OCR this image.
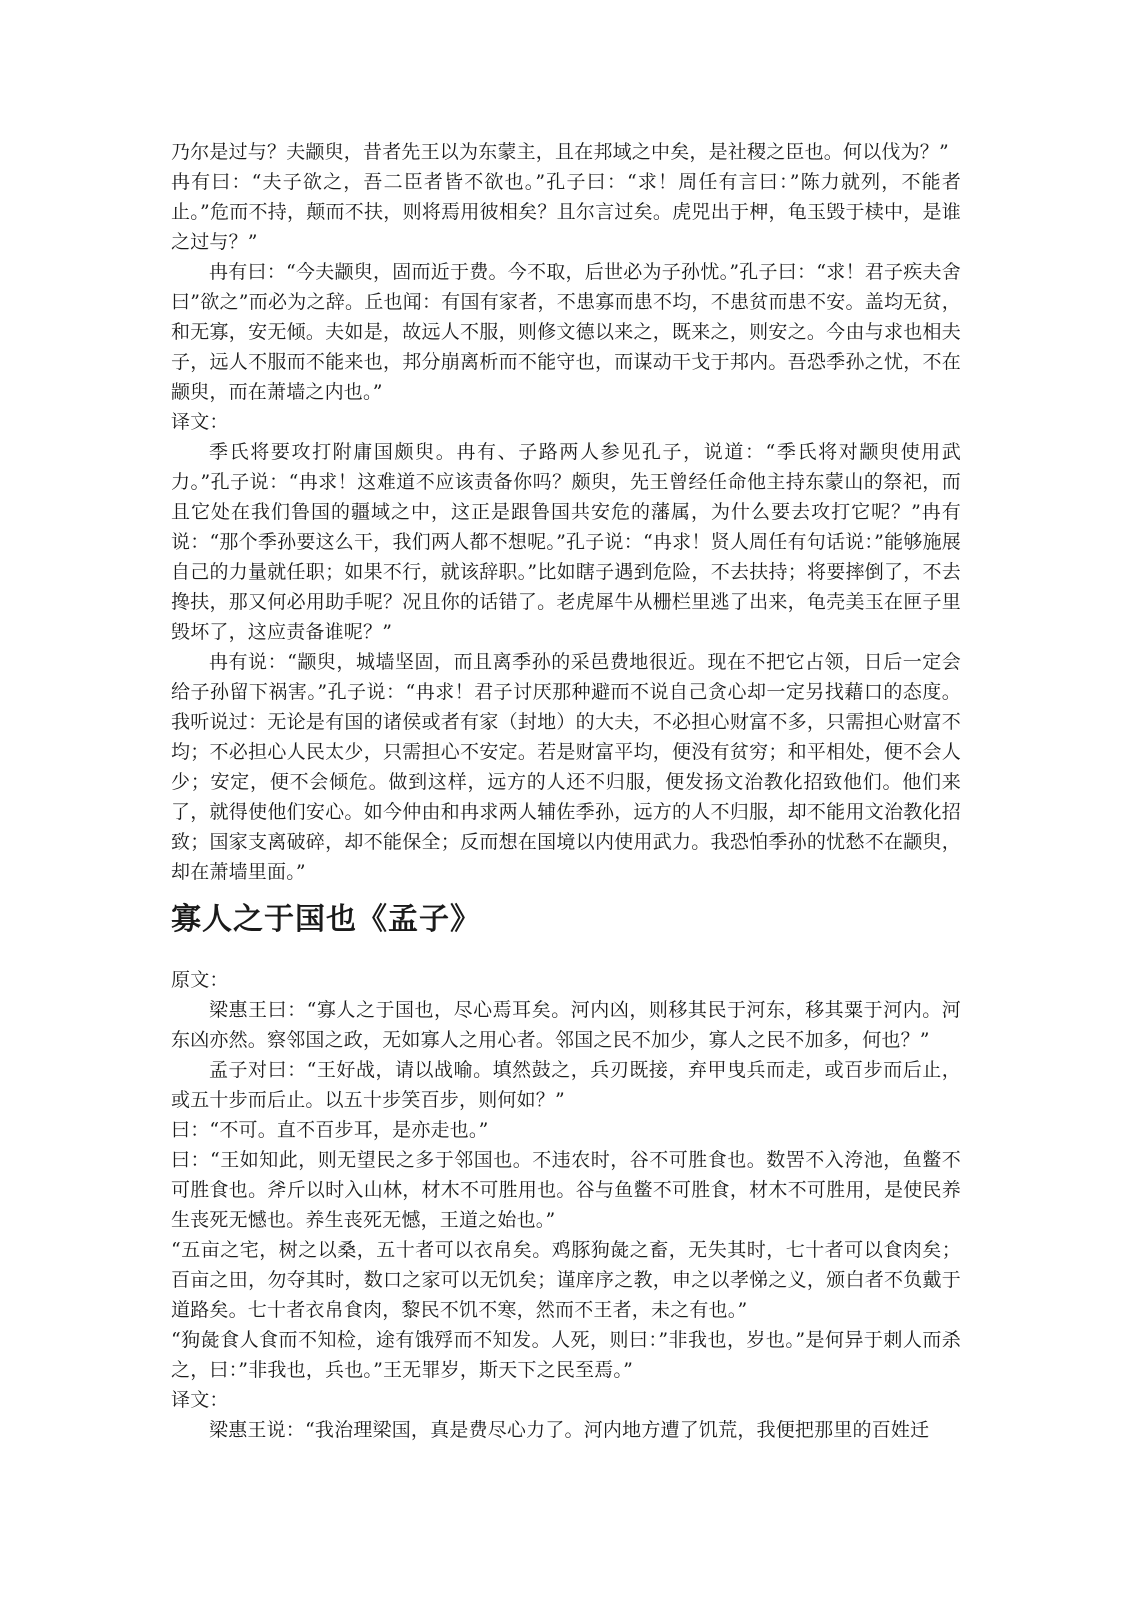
乃尔是过与？夫颛臾，昔者先王以为东蒙主，且在邦域之中矣，是社稷之臣也。何以伐为？”

冉有曰：“夫子欲之，吾二臣者皆不欲也。”孔子曰：“求！周任有言曰：”陈力就列，不能者止。”危而不持，颠而不扶，则将焉用彼相矣？且尔言过矣。虎兕出于柙，龟玉毁于椟中，是谁之过与？”

冉有曰：“今夫颛臾，固而近于费。今不取，后世必为子孙忧。”孔子曰：“求！君子疾夫舍曰”欲之”而必为之辞。丘也闻：有国有家者，不患寡而患不均，不患贫而患不安。盖均无贫，和无寡，安无倾。夫如是，故远人不服，则修文德以来之，既来之，则安之。今由与求也相夫子，远人不服而不能来也，邦分崩离析而不能守也，而谋动干戈于邦内。吾恐季孙之忧，不在颛臾，而在萧墙之内也。”

译文：

季氏将要攻打附庸国颇臾。冉有、子路两人参见孔子，说道：“季氏将对颛臾使用武力。”孔子说：“冉求！这难道不应该责备你吗？颇臾，先王曾经任命他主持东蒙山的祭祀，而且它处在我们鲁国的疆域之中，这正是跟鲁国共安危的藩属，为什么要去攻打它呢？”冉有说：“那个季孙要这么干，我们两人都不想呢。”孔子说：“冉求！贤人周任有句话说：”能够施展自己的力量就任职；如果不行，就该辞职。”比如瞎子遇到危险，不去扶持；将要摔倒了，不去搀扶，那又何必用助手呢？况且你的话错了。老虎犀牛从栅栏里逃了出来，龟壳美玉在匣子里毁坏了，这应责备谁呢？”

冉有说：“颛臾，城墙坚固，而且离季孙的采邑费地很近。现在不把它占领，日后一定会给子孙留下祸害。”孔子说：“冉求！君子讨厌那种避而不说自己贪心却一定另找藉口的态度。我听说过：无论是有国的诸侯或者有家（封地）的大夫，不必担心财富不多，只需担心财富不均；不必担心人民太少，只需担心不安定。若是财富平均，便没有贫穷；和平相处，便不会人少；安定，便不会倾危。做到这样，远方的人还不归服，便发扬文治教化招致他们。他们来了，就得使他们安心。如今仲由和冉求两人辅佐季孙，远方的人不归服，却不能用文治教化招致；国家支离破碎，却不能保全；反而想在国境以内使用武力。我恐怕季孙的忧愁不在颛臾，却在萧墙里面。”

寡人之于国也《孟子》

原文：

梁惠王曰：“寡人之于国也，尽心焉耳矣。河内凶，则移其民于河东，移其粟于河内。河东凶亦然。察邻国之政，无如寡人之用心者。邻国之民不加少，寡人之民不加多，何也？”

孟子对曰：“王好战，请以战喻。填然鼓之，兵刃既接，弃甲曳兵而走，或百步而后止，或五十步而后止。以五十步笑百步，则何如？”

曰：“不可。直不百步耳，是亦走也。”

曰：“王如知此，则无望民之多于邻国也。不违农时，谷不可胜食也。数罟不入洿池，鱼鳖不可胜食也。斧斤以时入山林，材木不可胜用也。谷与鱼鳖不可胜食，材木不可胜用，是使民养生丧死无憾也。养生丧死无憾，王道之始也。”

“五亩之宅，树之以桑，五十者可以衣帛矣。鸡豚狗彘之畜，无失其时，七十者可以食肉矣；百亩之田，勿夺其时，数口之家可以无饥矣；谨庠序之教，申之以孝悌之义，颁白者不负戴于道路矣。七十者衣帛食肉，黎民不饥不寒，然而不王者，未之有也。”

“狗彘食人食而不知检，途有饿殍而不知发。人死，则曰：”非我也，岁也。”是何异于刺人而杀之，曰：”非我也，兵也。”王无罪岁，斯天下之民至焉。”

译文：

梁惠王说：“我治理梁国，真是费尽心力了。河内地方遭了饥荒，我便把那里的百姓迁
